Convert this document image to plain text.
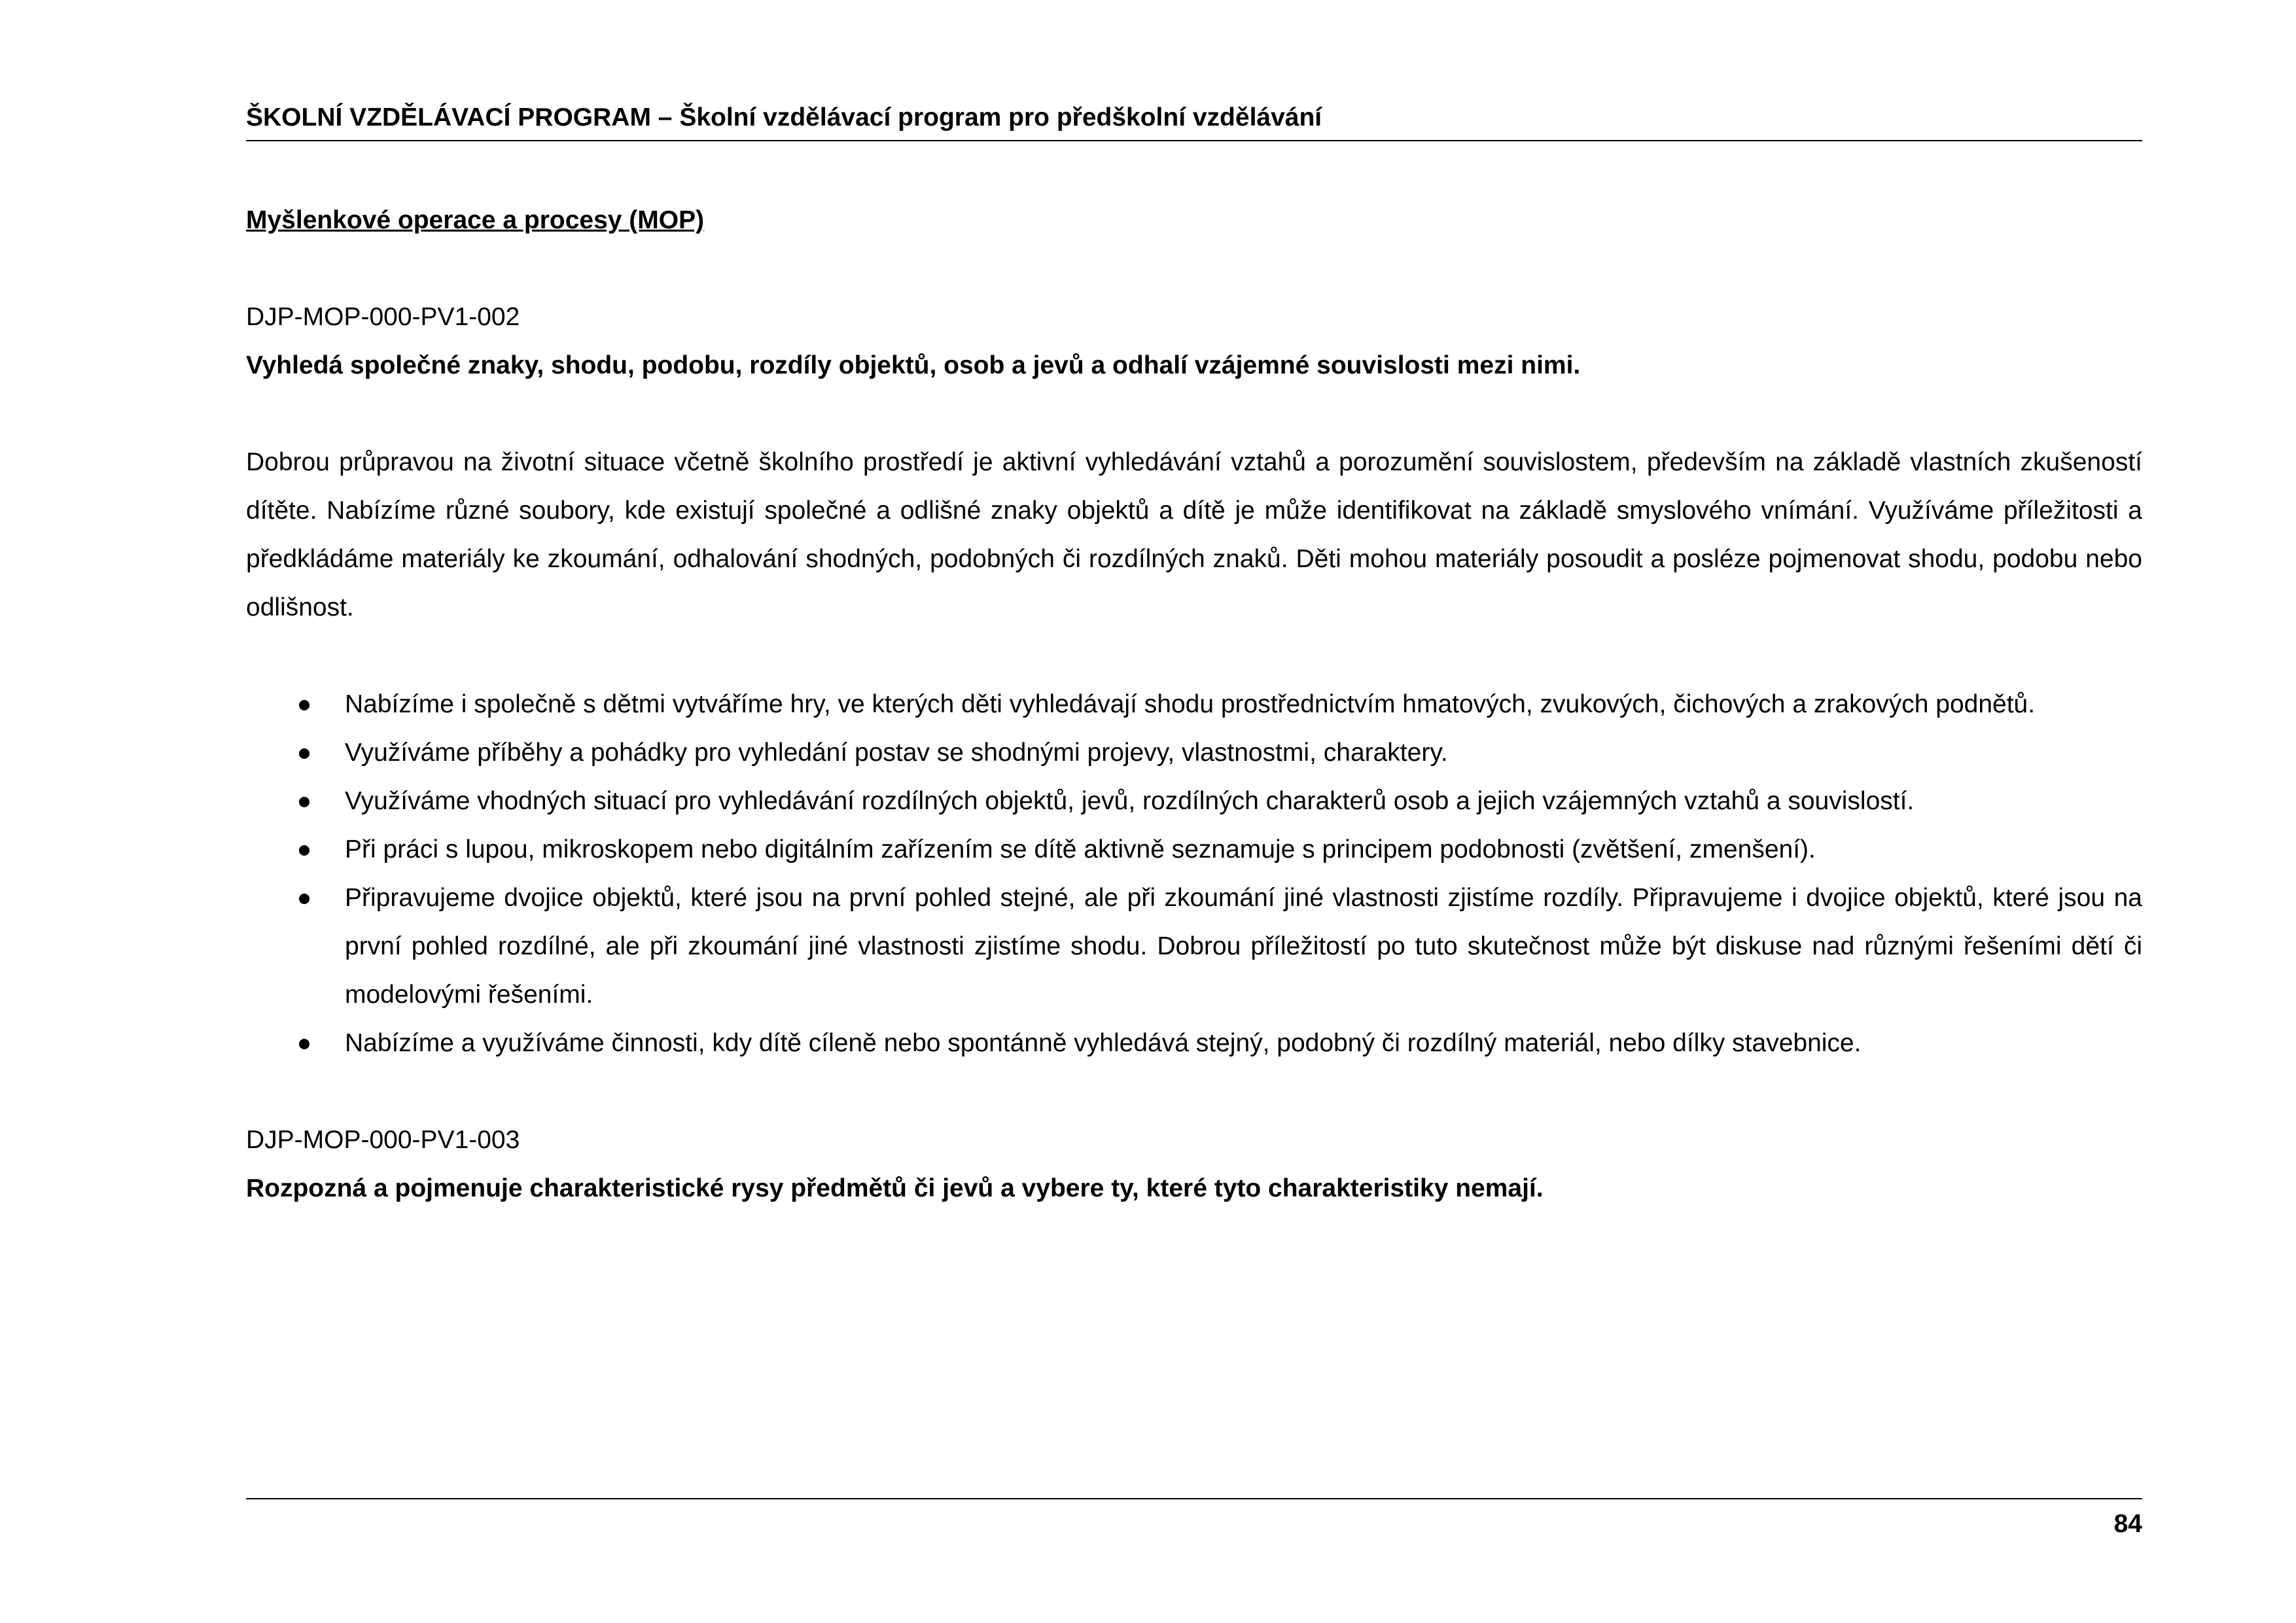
ŠKOLNÍ VZDĚLÁVACÍ PROGRAM – Školní vzdělávací program pro předškolní vzdělávání

Myšlenkové operace a procesy (MOP)

DJP-MOP-000-PV1-002

Vyhledá společné znaky, shodu, podobu, rozdíly objektů, osob a jevů a odhalí vzájemné souvislosti mezi nimi.

Dobrou průpravou na životní situace včetně školního prostředí je aktivní vyhledávání vztahů a porozumění souvislostem, především na základě vlastních zkušeností dítěte. Nabízíme různé soubory, kde existují společné a odlišné znaky objektů a dítě je může identifikovat na základě smyslového vnímání. Využíváme příležitosti a předkládáme materiály ke zkoumání, odhalování shodných, podobných či rozdílných znaků. Děti mohou materiály posoudit a posléze pojmenovat shodu, podobu nebo odlišnost.

Nabízíme i společně s dětmi vytváříme hry, ve kterých děti vyhledávají shodu prostřednictvím hmatových, zvukových, čichových a zrakových podnětů.
Využíváme příběhy a pohádky pro vyhledání postav se shodnými projevy, vlastnostmi, charaktery.
Využíváme vhodných situací pro vyhledávání rozdílných objektů, jevů, rozdílných charakterů osob a jejich vzájemných vztahů a souvislostí.
Při práci s lupou, mikroskopem nebo digitálním zařízením se dítě aktivně seznamuje s principem podobnosti (zvětšení, zmenšení).
Připravujeme dvojice objektů, které jsou na první pohled stejné, ale při zkoumání jiné vlastnosti zjistíme rozdíly. Připravujeme i dvojice objektů, které jsou na první pohled rozdílné, ale při zkoumání jiné vlastnosti zjistíme shodu. Dobrou příležitostí po tuto skutečnost může být diskuse nad různými řešeními dětí či modelovými řešeními.
Nabízíme a využíváme činnosti, kdy dítě cíleně nebo spontánně vyhledává stejný, podobný či rozdílný materiál, nebo dílky stavebnice.

DJP-MOP-000-PV1-003

Rozpozná a pojmenuje charakteristické rysy předmětů či jevů a vybere ty, které tyto charakteristiky nemají.

84
